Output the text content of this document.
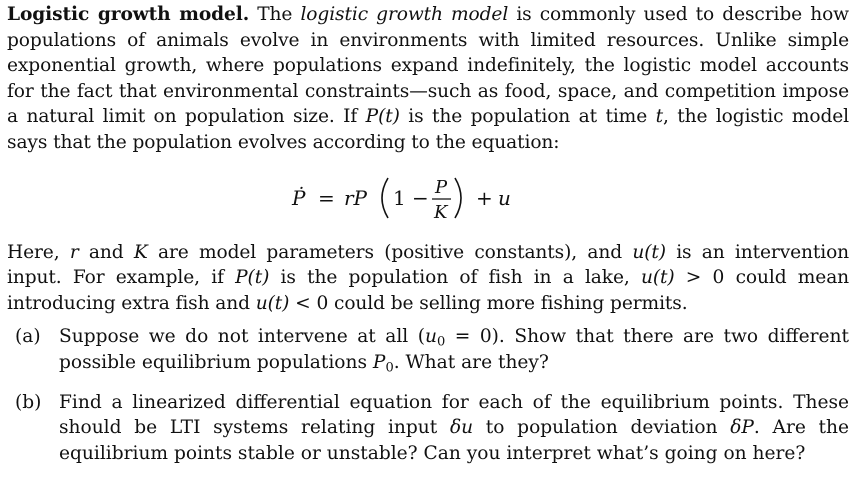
Logistic growth model. The logistic growth model is commonly used to describe how populations of animals evolve in environments with limited resources. Unlike simple exponential growth, where populations expand indefinitely, the logistic model accounts for the fact that environmental constraints—such as food, space, and competition impose a natural limit on population size. If P(t) is the population at time t, the logistic model says that the population evolves according to the equation:

Ṗ = rP 1 − P
K
+ u

Here, r and K are model parameters (positive constants), and u(t) is an intervention input. For example, if P(t) is the population of fish in a lake, u(t) > 0 could mean introducing extra fish and u(t) < 0 could be selling more fishing permits.

(a) Suppose we do not intervene at all $(u_0 = 0)$. Show that there are two different possible equilibrium populations $P_0$. What are they?
(b) Find a linearized differential equation for each of the equilibrium points. These should be LTI systems relating input δu to population deviation δP. Are the equilibrium points stable or unstable? Can you interpret what’s going on here?
